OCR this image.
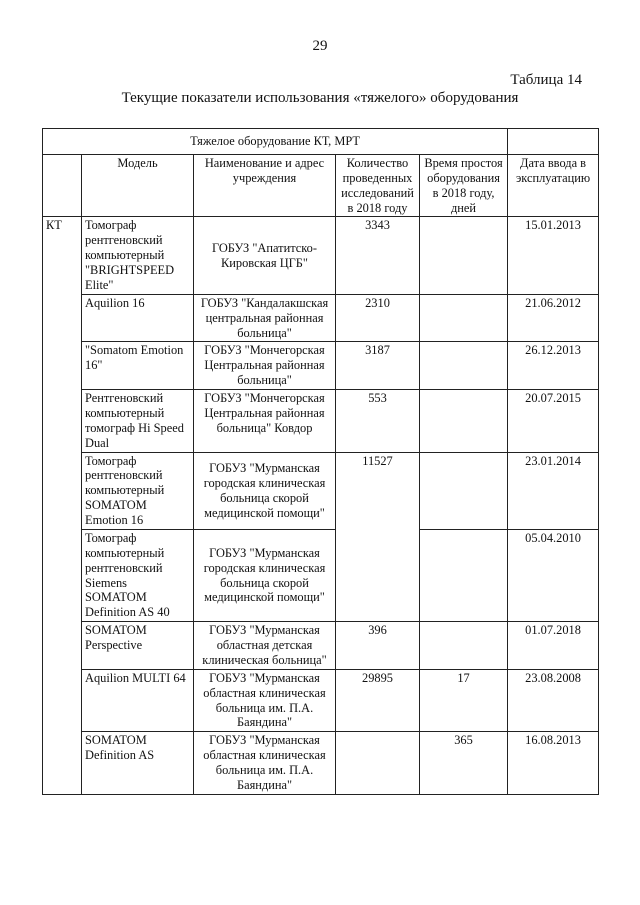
29
Таблица 14
Текущие показатели использования «тяжелого» оборудования
Тяжелое оборудование КТ, МРТ					
	Модель	Наименование и адрес учреждения	Количество проведенных исследований в 2018 году	Время простоя оборудования в 2018 году, дней	Дата ввода в эксплуатацию
КТ	Томограф рентгеновский компьютерный "BRIGHTSPEED Elite"	ГОБУЗ "Апатитско-Кировская ЦГБ"	3343		15.01.2013
	Aquilion 16	ГОБУЗ "Кандалакшская центральная районная больница"	2310		21.06.2012
	"Somatom Emotion 16"	ГОБУЗ "Мончегорская Центральная районная больница"	3187		26.12.2013
	Рентгеновский компьютерный томограф Hi Speed Dual	ГОБУЗ "Мончегорская Центральная районная больница" Ковдор	553		20.07.2015
	Томограф рентгеновский компьютерный SOMATOM Emotion 16	ГОБУЗ "Мурманская городская клиническая больница скорой медицинской помощи"	11527		23.01.2014
	Томограф компьютерный рентгеновский Siemens SOMATOM Definition AS 40	ГОБУЗ "Мурманская городская клиническая больница скорой медицинской помощи"			05.04.2010
	SOMATOM Perspective	ГОБУЗ "Мурманская областная детская клиническая больница"	396		01.07.2018
	Aquilion MULTI 64	ГОБУЗ "Мурманская областная клиническая больница им. П.А. Баяндина"	29895	17	23.08.2008
	SOMATOM Definition AS	ГОБУЗ "Мурманская областная клиническая больница им. П.А. Баяндина"		365	16.08.2013
